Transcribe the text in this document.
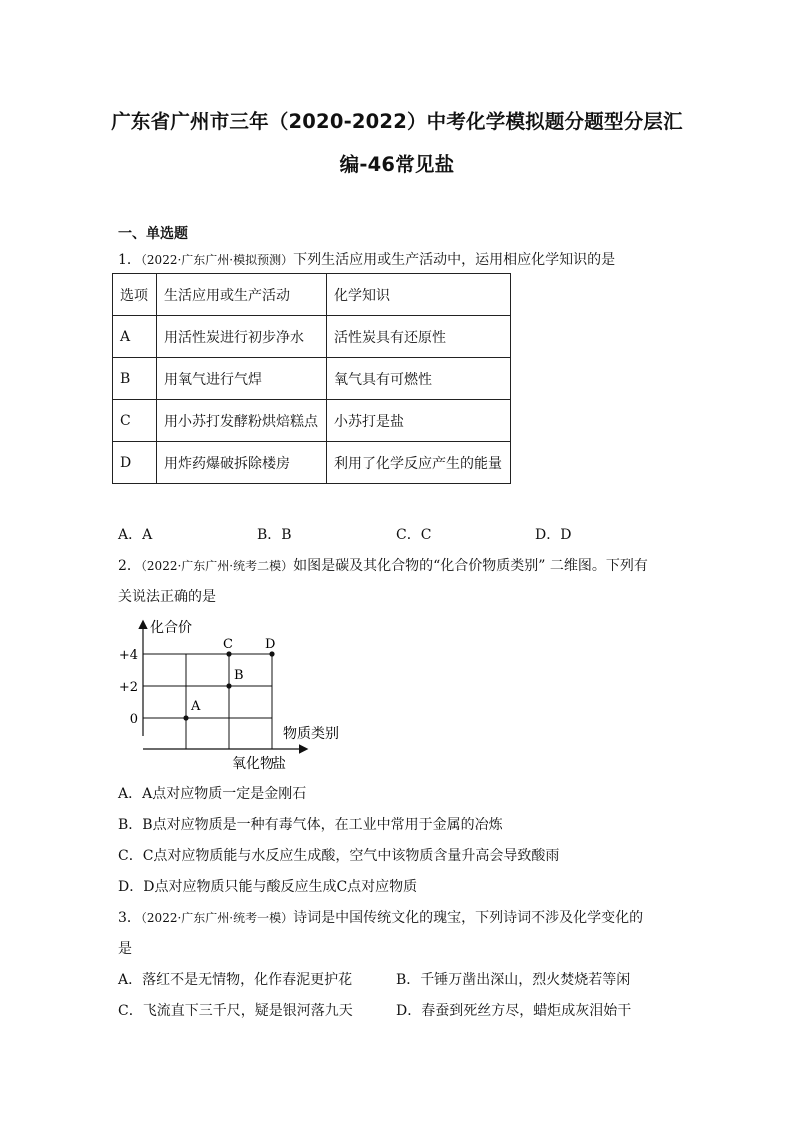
广东省广州市三年（2020-2022）中考化学模拟题分题型分层汇
编-46常见盐
一、单选题
1．（2022·广东广州·模拟预测）下列生活应用或生产活动中，运用相应化学知识的是
选项	生活应用或生产活动	化学知识
A	用活性炭进行初步净水	活性炭具有还原性
B	用氧气进行气焊	氧气具有可燃性
C	用小苏打发酵粉烘焙糕点	小苏打是盐
D	用炸药爆破拆除楼房	利用了化学反应产生的能量
A．A	B．B	C．C	D．D
2．（2022·广东广州·统考二模）如图是碳及其化合物的“化合价物质类别” 二维图。下列有
关说法正确的是
化合价
物质类别
0
+2
+4
A
B
C D
氧化物
盐
A．A点对应物质一定是金刚石
B．B点对应物质是一种有毒气体，在工业中常用于金属的冶炼
C．C点对应物质能与水反应生成酸，空气中该物质含量升高会导致酸雨
D．D点对应物质只能与酸反应生成C点对应物质
3．（2022·广东广州·统考一模）诗词是中国传统文化的瑰宝，下列诗词不涉及化学变化的
是
A．落红不是无情物，化作春泥更护花	B．千锤万凿出深山，烈火焚烧若等闲
C．飞流直下三千尺，疑是银河落九天	D．春蚕到死丝方尽，蜡炬成灰泪始干
